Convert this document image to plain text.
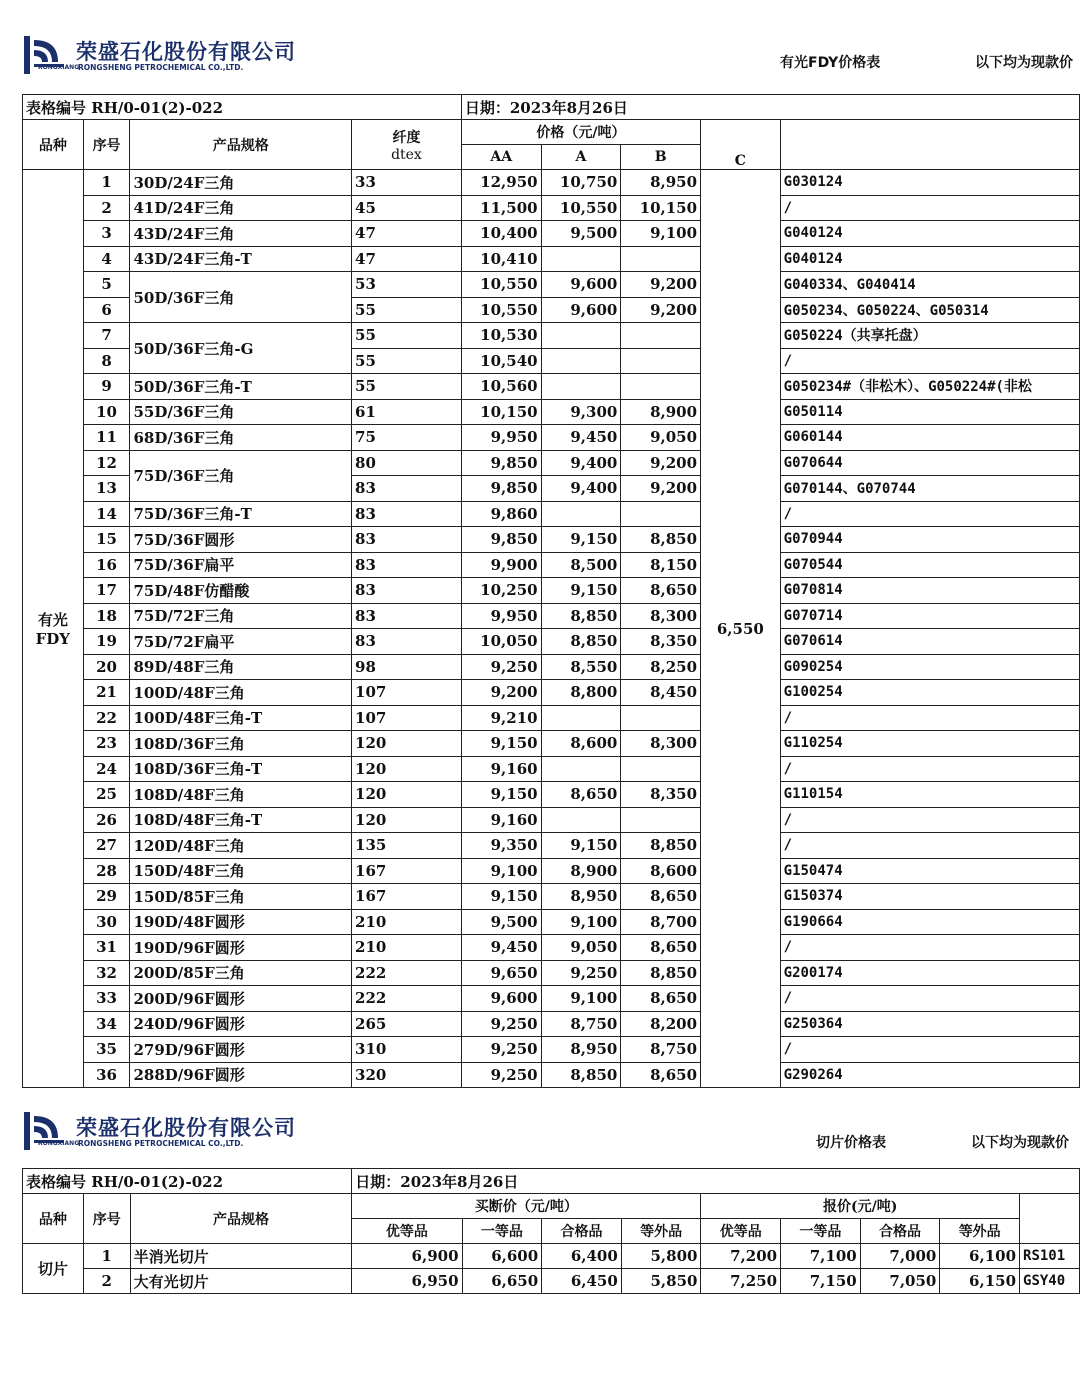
荣盛石化股份有限公司
RONGXIANG
RONGSHENG PETROCHEMICAL CO.,LTD.	有光FDY价格表	以下均为现款价
表格编号 RH/0-01(2)-022				日期：2023年8月26日				
品种	序号	产品规格	纤度
dtex	价格（元/吨）			C	
				AA	A	B		

有光
FDY	1	30D/24F三角	33	12,950	10,750	8,950	6,550	G030124
	2	41D/24F三角	45	11,500	10,550	10,150		/
	3	43D/24F三角	47	10,400	9,500	9,100		G040124
	4	43D/24F三角-T	47	10,410				G040124
	5	50D/36F三角	53	10,550	9,600	9,200		G040334、G040414
	6		55	10,550	9,600	9,200		G050234、G050224、G050314
	7	50D/36F三角-G	55	10,530				G050224（共享托盘）
	8		55	10,540				/
	9	50D/36F三角-T	55	10,560				G050234#（非松木）、G050224#(非松
	10	55D/36F三角	61	10,150	9,300	8,900		G050114
	11	68D/36F三角	75	9,950	9,450	9,050		G060144
	12	75D/36F三角	80	9,850	9,400	9,200		G070644
	13		83	9,850	9,400	9,200		G070144、G070744
	14	75D/36F三角-T	83	9,860				/
	15	75D/36F圆形	83	9,850	9,150	8,850		G070944
	16	75D/36F扁平	83	9,900	8,500	8,150		G070544
	17	75D/48F仿醋酸	83	10,250	9,150	8,650		G070814
	18	75D/72F三角	83	9,950	8,850	8,300		G070714
	19	75D/72F扁平	83	10,050	8,850	8,350		G070614
	20	89D/48F三角	98	9,250	8,550	8,250		G090254
	21	100D/48F三角	107	9,200	8,800	8,450		G100254
	22	100D/48F三角-T	107	9,210				/
	23	108D/36F三角	120	9,150	8,600	8,300		G110254
	24	108D/36F三角-T	120	9,160				/
	25	108D/48F三角	120	9,150	8,650	8,350		G110154
	26	108D/48F三角-T	120	9,160				/
	27	120D/48F三角	135	9,350	9,150	8,850		/
	28	150D/48F三角	167	9,100	8,900	8,600		G150474
	29	150D/85F三角	167	9,150	8,950	8,650		G150374
	30	190D/48F圆形	210	9,500	9,100	8,700		G190664
	31	190D/96F圆形	210	9,450	9,050	8,650		/
	32	200D/85F三角	222	9,650	9,250	8,850		G200174
	33	200D/96F圆形	222	9,600	9,100	8,650		/
	34	240D/96F圆形	265	9,250	8,750	8,200		G250364
	35	279D/96F圆形	310	9,250	8,950	8,750		/
	36	288D/96F圆形	320	9,250	8,850	8,650		G290264
荣盛石化股份有限公司
RONGXIANG
RONGSHENG PETROCHEMICAL CO.,LTD.	切片价格表	以下均为现款价
表格编号 RH/0-01(2)-022			日期：2023年8月26日								
品种	序号	产品规格	买断价（元/吨）				报价(元/吨)				
			优等品	一等品	合格品	等外品	优等品	一等品	合格品	等外品	
切片	1	半消光切片	6,900	6,600	6,400	5,800	7,200	7,100	7,000	6,100	RS101
	2	大有光切片	6,950	6,650	6,450	5,850	7,250	7,150	7,050	6,150	GSY40
